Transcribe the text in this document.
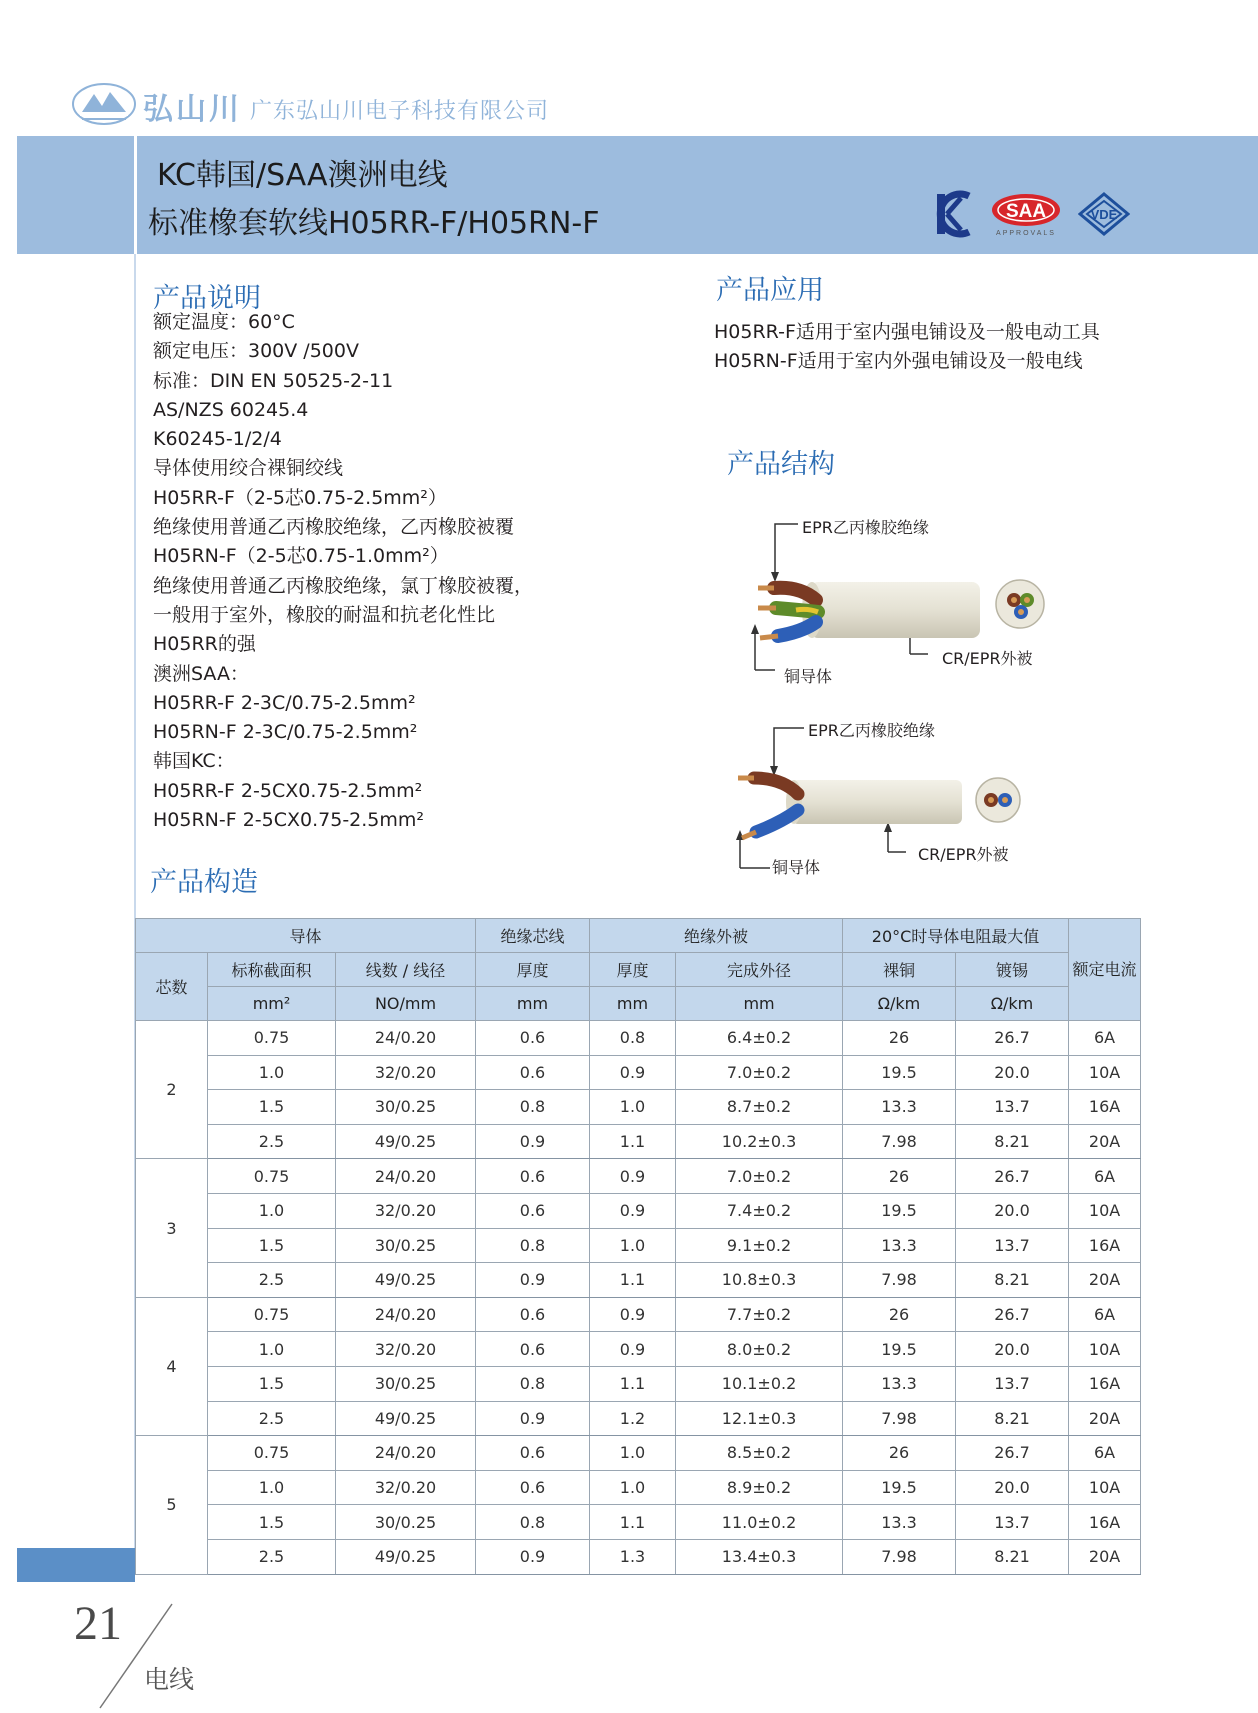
弘山川 广东弘山川电子科技有限公司
KC韩国/SAA澳洲电线
标准橡套软线H05RR-F/H05RN-F	SAA
APPROVALS
VDE
产品说明
额定温度：60°C
额定电压：300V /500V
标准：DIN EN 50525-2-11
AS/NZS 60245.4
K60245-1/2/4
导体使用绞合裸铜绞线
H05RR-F（2-5芯0.75-2.5mm²）
绝缘使用普通乙丙橡胶绝缘，乙丙橡胶被覆
H05RN-F（2-5芯0.75-1.0mm²）
绝缘使用普通乙丙橡胶绝缘，氯丁橡胶被覆，
一般用于室外，橡胶的耐温和抗老化性比
H05RR的强
澳洲SAA：
H05RR-F 2-3C/0.75-2.5mm²
H05RN-F 2-3C/0.75-2.5mm²
韩国KC：
H05RR-F 2-5CX0.75-2.5mm²
H05RN-F 2-5CX0.75-2.5mm²
产品应用
H05RR-F适用于室内强电铺设及一般电动工具
H05RN-F适用于室内外强电铺设及一般电线
产品结构
EPR乙丙橡胶绝缘
铜导体
CR/EPR外被
EPR乙丙橡胶绝缘
铜导体
CR/EPR外被
产品构造
导体			绝缘芯线	绝缘外被		20°C时导体电阻最大值		额定电流
芯数	标称截面积	线数 / 线径	厚度	厚度	完成外径	裸铜	镀锡	
	mm²	NO/mm	mm	mm	mm	Ω/km	Ω/km	
2	0.75	24/0.20	0.6	0.8	6.4±0.2	26	26.7	6A
	1.0	32/0.20	0.6	0.9	7.0±0.2	19.5	20.0	10A
	1.5	30/0.25	0.8	1.0	8.7±0.2	13.3	13.7	16A
	2.5	49/0.25	0.9	1.1	10.2±0.3	7.98	8.21	20A
3	0.75	24/0.20	0.6	0.9	7.0±0.2	26	26.7	6A
	1.0	32/0.20	0.6	0.9	7.4±0.2	19.5	20.0	10A
	1.5	30/0.25	0.8	1.0	9.1±0.2	13.3	13.7	16A
	2.5	49/0.25	0.9	1.1	10.8±0.3	7.98	8.21	20A
4	0.75	24/0.20	0.6	0.9	7.7±0.2	26	26.7	6A
	1.0	32/0.20	0.6	0.9	8.0±0.2	19.5	20.0	10A
	1.5	30/0.25	0.8	1.1	10.1±0.2	13.3	13.7	16A
	2.5	49/0.25	0.9	1.2	12.1±0.3	7.98	8.21	20A
5	0.75	24/0.20	0.6	1.0	8.5±0.2	26	26.7	6A
	1.0	32/0.20	0.6	1.0	8.9±0.2	19.5	20.0	10A
	1.5	30/0.25	0.8	1.1	11.0±0.2	13.3	13.7	16A
	2.5	49/0.25	0.9	1.3	13.4±0.3	7.98	8.21	20A
21
电线
